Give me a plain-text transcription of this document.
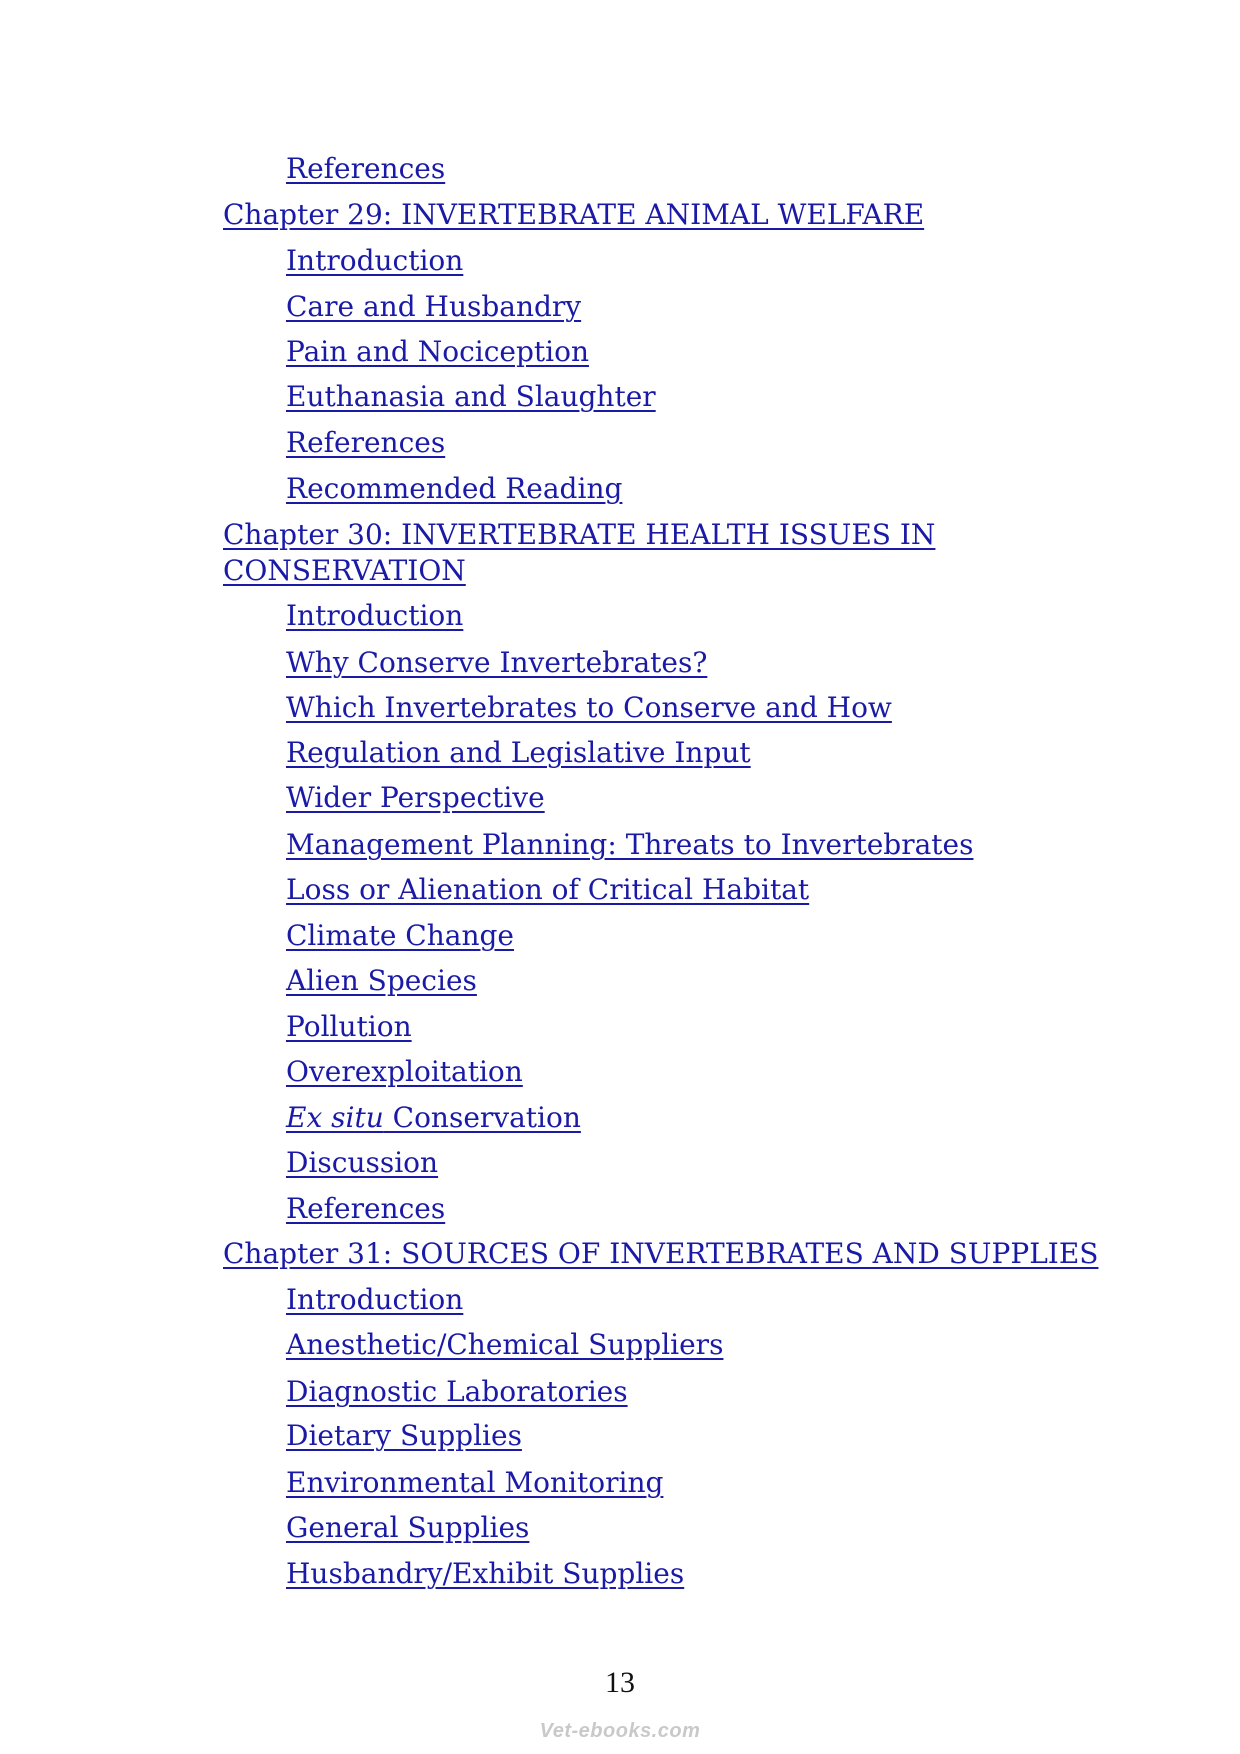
References
Chapter 29: INVERTEBRATE ANIMAL WELFARE
Introduction
Care and Husbandry
Pain and Nociception
Euthanasia and Slaughter
References
Recommended Reading
Chapter 30: INVERTEBRATE HEALTH ISSUES IN
CONSERVATION
Introduction
Why Conserve Invertebrates?
Which Invertebrates to Conserve and How
Regulation and Legislative Input
Wider Perspective
Management Planning: Threats to Invertebrates
Loss or Alienation of Critical Habitat
Climate Change
Alien Species
Pollution
Overexploitation
Ex situ Conservation
Discussion
References
Chapter 31: SOURCES OF INVERTEBRATES AND SUPPLIES
Introduction
Anesthetic/Chemical Suppliers
Diagnostic Laboratories
Dietary Supplies
Environmental Monitoring
General Supplies
Husbandry/Exhibit Supplies
13
Vet-ebooks.com
